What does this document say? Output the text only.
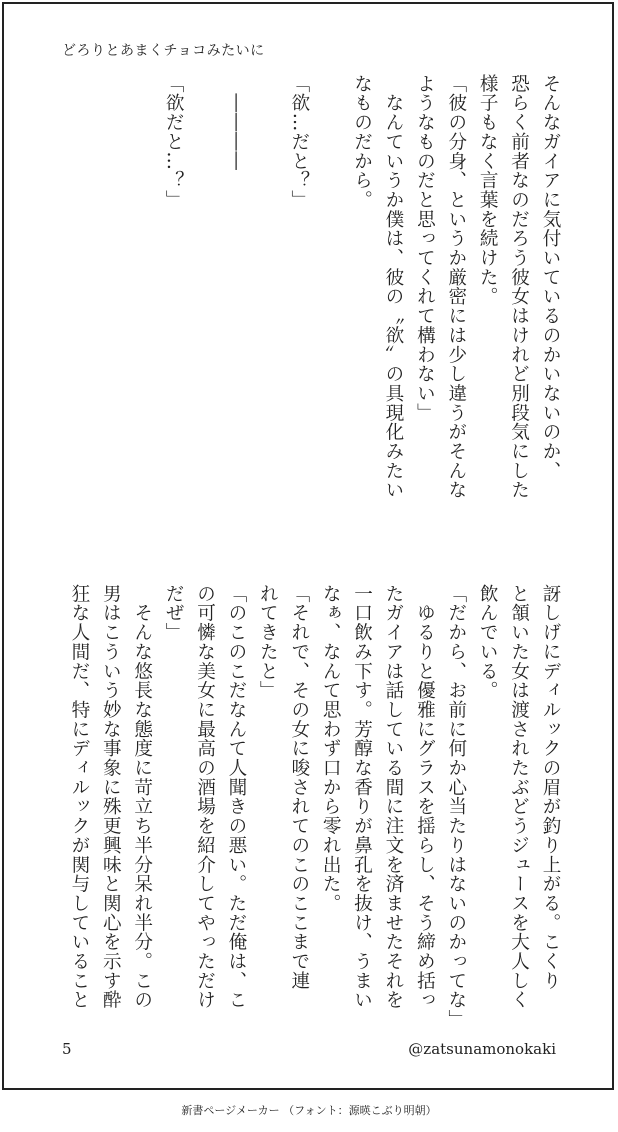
どろりとあまくチョコみたいに
そんなガイアに気付いているのかいないのか、
恐らく前者なのだろう彼女はけれど別段気にした
様子もなく言葉を続けた。
「彼の分身、というか厳密には少し違うがそんな
ようなものだと思ってくれて構わない」
　なんていうか僕は、彼の〝欲〟の具現化みたい
なものだから。

「欲…だと？」

　――――

「欲だと…？」
訝しげにディルックの眉が釣り上がる。こくり
と頷いた女は渡されたぶどうジュースを大人しく
飲んでいる。
「だから、お前に何か心当たりはないのかってな」
　ゆるりと優雅にグラスを揺らし、そう締め括っ
たガイアは話している間に注文を済ませたそれを
一口飲み下す。芳醇な香りが鼻孔を抜け、うまい
なぁ、なんて思わず口から零れ出た。
「それで、その女に唆されてのこのここまで連
れてきたと」
「のこのこだなんて人聞きの悪い。ただ俺は、こ
の可憐な美女に最高の酒場を紹介してやっただけ
だぜ」
　そんな悠長な態度に苛立ち半分呆れ半分。この
男はこういう妙な事象に殊更興味と関心を示す酔
狂な人間だ、特にディルックが関与していること
5	@zatsunamonokaki
新書ページメーカー （フォント：源暎こぶり明朝）
